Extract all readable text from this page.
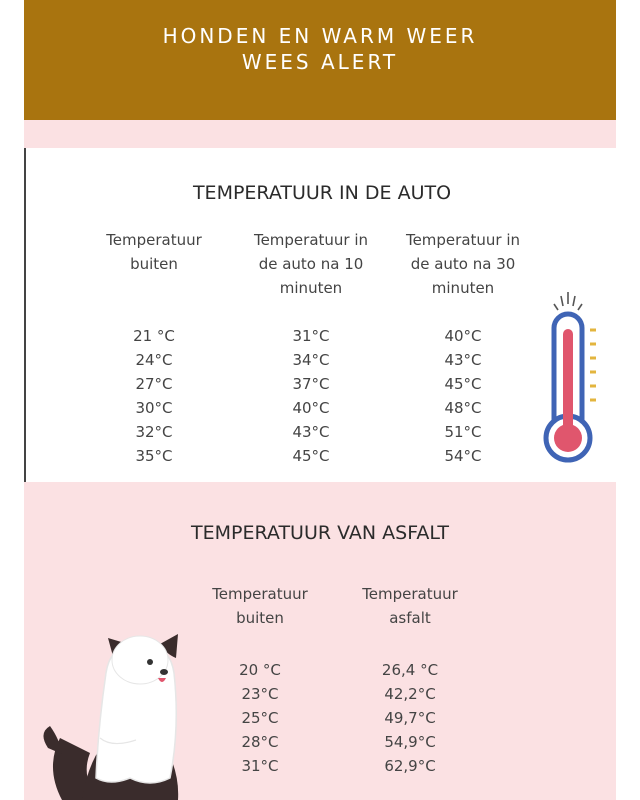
HONDEN EN WARM WEER
WEES ALERT
TEMPERATUUR IN DE AUTO
Temperatuur
buiten
Temperatuur in
de auto na 10
minuten
Temperatuur in
de auto na 30
minuten
21 °C
24°C
27°C
30°C
32°C
35°C
31°C
34°C
37°C
40°C
43°C
45°C
40°C
43°C
45°C
48°C
51°C
54°C
TEMPERATUUR VAN ASFALT
Temperatuur
buiten
Temperatuur
asfalt
20 °C
23°C
25°C
28°C
31°C
26,4 °C
42,2°C
49,7°C
54,9°C
62,9°C
